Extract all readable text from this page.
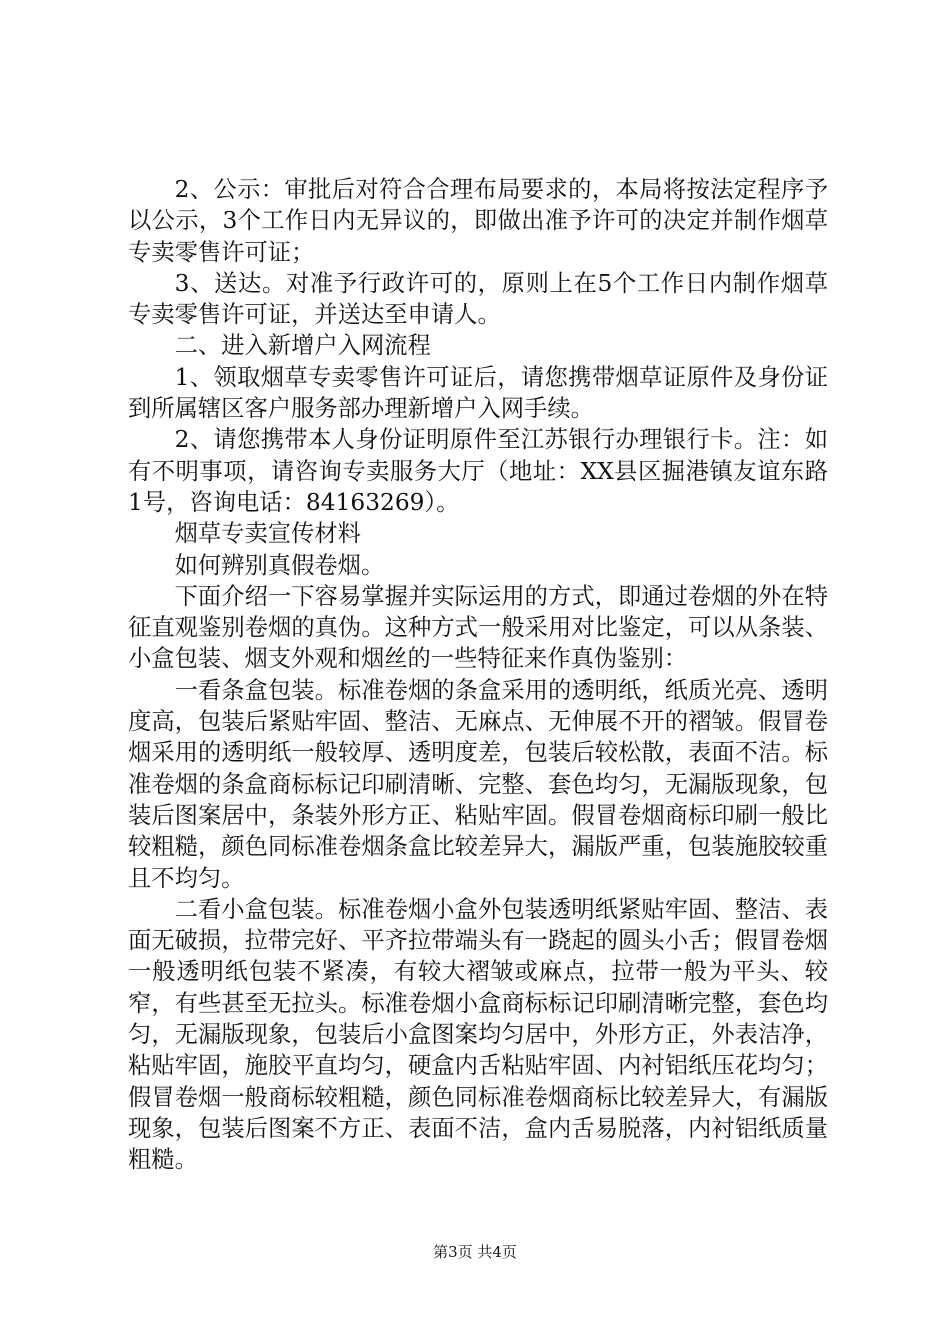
2、公示：审批后对符合合理布局要求的，本局将按法定程序予以公示，3个工作日内无异议的，即做出准予许可的决定并制作烟草专卖零售许可证；

3、送达。对准予行政许可的，原则上在5个工作日内制作烟草专卖零售许可证，并送达至申请人。

二、进入新增户入网流程

1、领取烟草专卖零售许可证后，请您携带烟草证原件及身份证到所属辖区客户服务部办理新增户入网手续。

2、请您携带本人身份证明原件至江苏银行办理银行卡。注：如有不明事项，请咨询专卖服务大厅（地址：XX县区掘港镇友谊东路1号，咨询电话：84163269）。

烟草专卖宣传材料

如何辨别真假卷烟。

下面介绍一下容易掌握并实际运用的方式，即通过卷烟的外在特征直观鉴别卷烟的真伪。这种方式一般采用对比鉴定，可以从条装、小盒包装、烟支外观和烟丝的一些特征来作真伪鉴别：

一看条盒包装。标准卷烟的条盒采用的透明纸，纸质光亮、透明度高，包装后紧贴牢固、整洁、无麻点、无伸展不开的褶皱。假冒卷烟采用的透明纸一般较厚、透明度差，包装后较松散，表面不洁。标准卷烟的条盒商标标记印刷清晰、完整、套色均匀，无漏版现象，包装后图案居中，条装外形方正、粘贴牢固。假冒卷烟商标印刷一般比较粗糙，颜色同标准卷烟条盒比较差异大，漏版严重，包装施胶较重且不均匀。

二看小盒包装。标准卷烟小盒外包装透明纸紧贴牢固、整洁、表面无破损，拉带完好、平齐拉带端头有一跷起的圆头小舌；假冒卷烟一般透明纸包装不紧凑，有较大褶皱或麻点，拉带一般为平头、较窄，有些甚至无拉头。标准卷烟小盒商标标记印刷清晰完整，套色均匀，无漏版现象，包装后小盒图案均匀居中，外形方正，外表洁净，粘贴牢固，施胶平直均匀，硬盒内舌粘贴牢固、内衬铝纸压花均匀；假冒卷烟一般商标较粗糙，颜色同标准卷烟商标比较差异大，有漏版现象，包装后图案不方正、表面不洁，盒内舌易脱落，内衬铝纸质量粗糙。

第3页 共4页
